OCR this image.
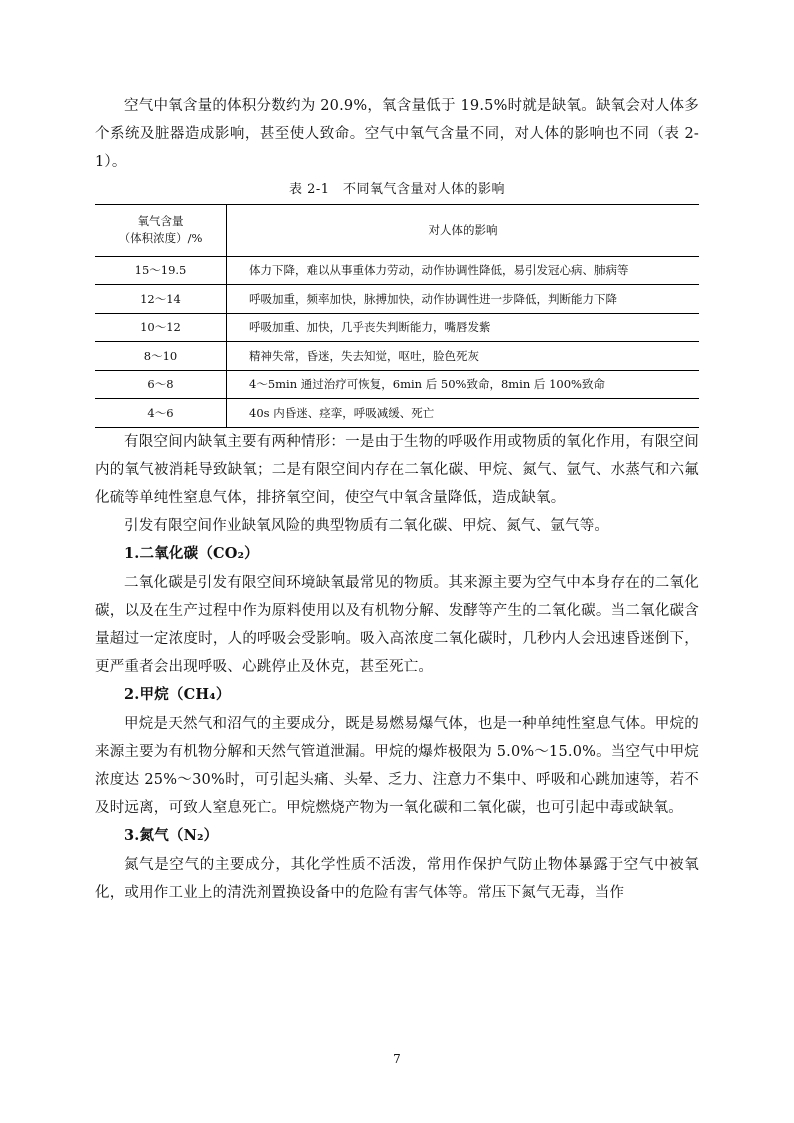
空气中氧含量的体积分数约为 20.9%，氧含量低于 19.5%时就是缺氧。缺氧会对人体多个系统及脏器造成影响，甚至使人致命。空气中氧气含量不同，对人体的影响也不同（表 2-1）。

表 2-1　不同氧气含量对人体的影响
氧气含量
（体积浓度）/%	对人体的影响
15～19.5	体力下降，难以从事重体力劳动，动作协调性降低，易引发冠心病、肺病等
12～14	呼吸加重，频率加快，脉搏加快，动作协调性进一步降低，判断能力下降
10～12	呼吸加重、加快，几乎丧失判断能力，嘴唇发紫
8～10	精神失常，昏迷，失去知觉，呕吐，脸色死灰
6～8	4～5min 通过治疗可恢复，6min 后 50%致命，8min 后 100%致命
4～6	40s 内昏迷、痉挛，呼吸减缓、死亡

有限空间内缺氧主要有两种情形：一是由于生物的呼吸作用或物质的氧化作用，有限空间内的氧气被消耗导致缺氧；二是有限空间内存在二氧化碳、甲烷、氮气、氩气、水蒸气和六氟化硫等单纯性窒息气体，排挤氧空间，使空气中氧含量降低，造成缺氧。

引发有限空间作业缺氧风险的典型物质有二氧化碳、甲烷、氮气、氩气等。

1.二氧化碳（CO₂）

二氧化碳是引发有限空间环境缺氧最常见的物质。其来源主要为空气中本身存在的二氧化碳，以及在生产过程中作为原料使用以及有机物分解、发酵等产生的二氧化碳。当二氧化碳含量超过一定浓度时，人的呼吸会受影响。吸入高浓度二氧化碳时，几秒内人会迅速昏迷倒下，更严重者会出现呼吸、心跳停止及休克，甚至死亡。

2.甲烷（CH₄）

甲烷是天然气和沼气的主要成分，既是易燃易爆气体，也是一种单纯性窒息气体。甲烷的来源主要为有机物分解和天然气管道泄漏。甲烷的爆炸极限为 5.0%～15.0%。当空气中甲烷浓度达 25%～30%时，可引起头痛、头晕、乏力、注意力不集中、呼吸和心跳加速等，若不及时远离，可致人窒息死亡。甲烷燃烧产物为一氧化碳和二氧化碳，也可引起中毒或缺氧。

3.氮气（N₂）

氮气是空气的主要成分，其化学性质不活泼，常用作保护气防止物体暴露于空气中被氧化，或用作工业上的清洗剂置换设备中的危险有害气体等。常压下氮气无毒，当作

7
